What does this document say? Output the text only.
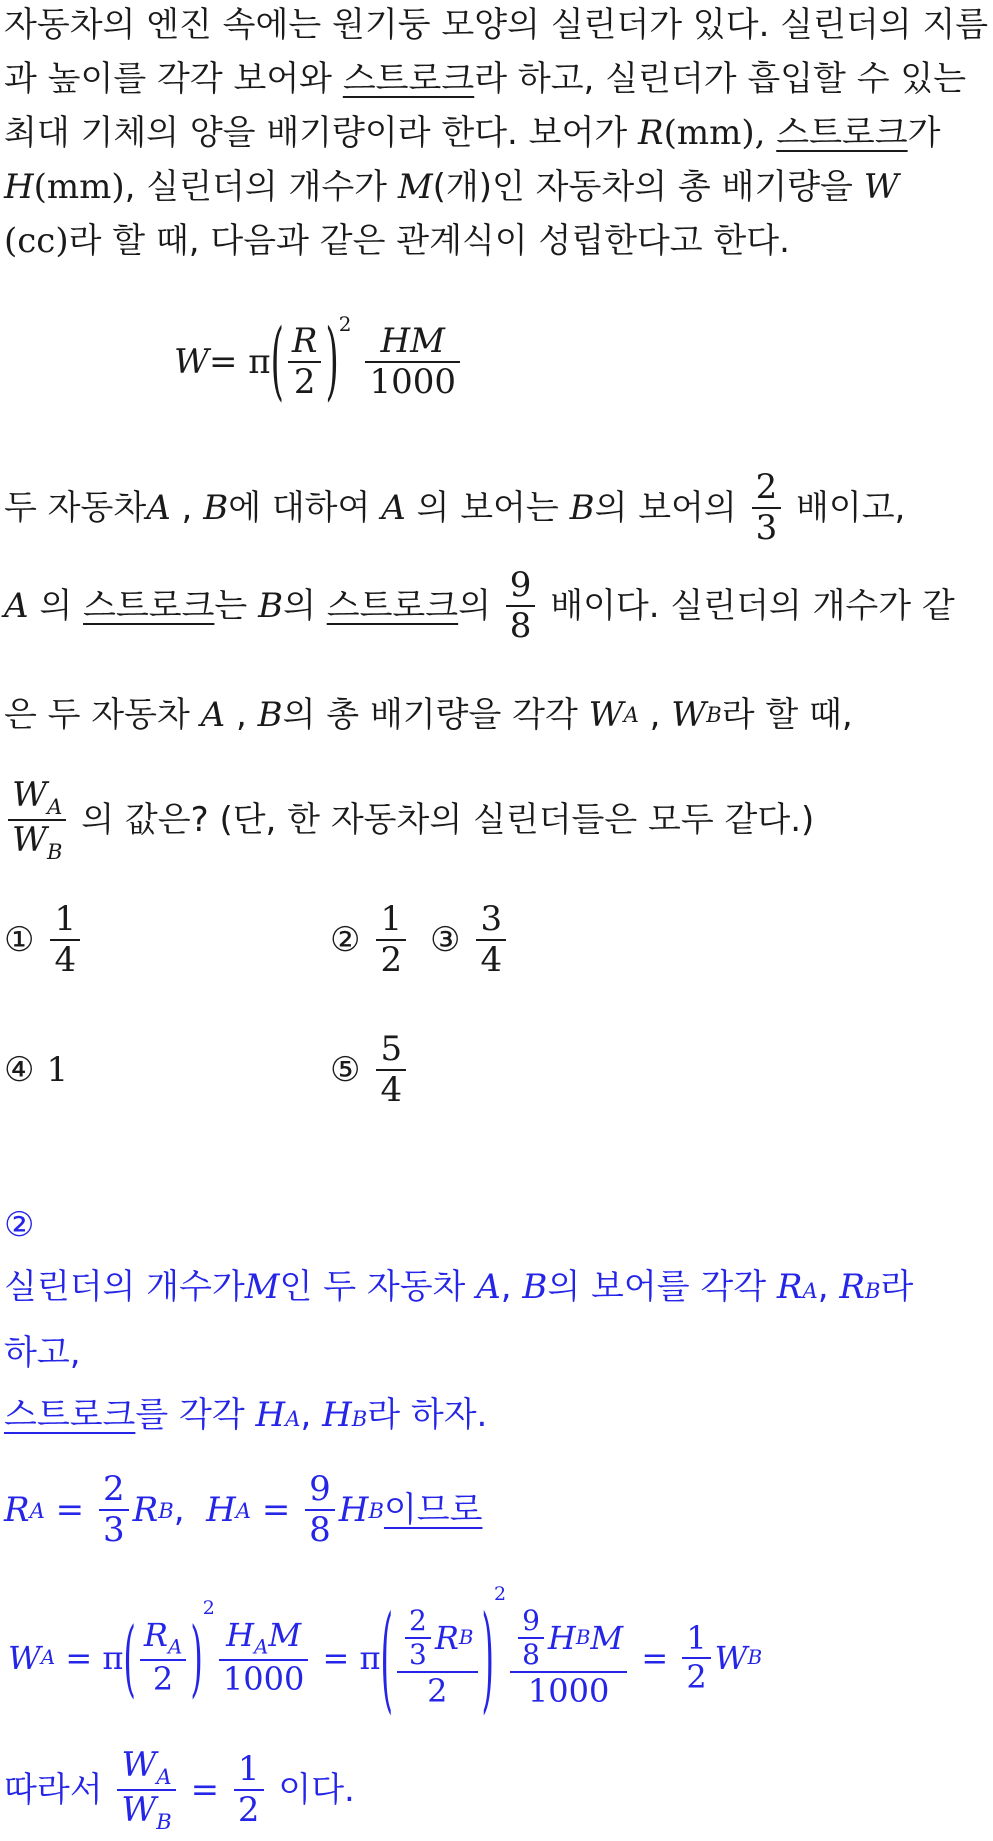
자동차의 엔진 속에는 원기둥 모양의 실린더가 있다. 실린더의 지름
과 높이를 각각 보어와 스트로크라 하고, 실린더가 흡입할 수 있는
최대 기체의 양을 배기량이라 한다. 보어가 R(mm), 스트로크가
H(mm), 실린더의 개수가 M(개)인 자동차의 총 배기량을 W
(cc)라 할 때, 다음과 같은 관계식이 성립한다고 한다.
W = π ( $\frac{R}{2}$ ) $2 \frac{HM}{1000}$
두 자동차 A , B 에 대하여 A 의 보어는 B 의 보어의 $\frac{2}{3}$ 배이고,
A 의 스트로크 는 B 의 스트로크 의 $\frac{9}{8}$ 배이다. 실린더의 개수가 같
은 두 자동차 A , B 의 총 배기량을 각각 W A , W B 라 할 때,
$\frac{W_A}{W_B}$ 의 값은? (단, 한 자동차의 실린더들은 모두 같다.)
① $\frac{1}{4}$	② $\frac{1}{2}$ ③ $\frac{3}{4}$
④ 1	⑤ $\frac{5}{4}$
②
실린더의 개수가 M 인 두 자동차 A , B 의 보어를 각각 R A , R B 라
하고,
스트로크 를 각각 H A , H B 라 하자.
R $A = \frac{2}{3}$ R B , H $A = \frac{9}{8}$ H B 이므로
W A = π ( $\frac{R_A}{2}$ )
2
$\frac{H_AM}{1000} = \pi$ ( $\frac{\frac{2}{3} R B}{2}$ ) 2
$\frac{\frac{9}{8} H B M}{1000} = \frac{1}{2}$ W B
따라서 $\frac{W_A}{W_B} = \frac{1}{2}$ 이다.
